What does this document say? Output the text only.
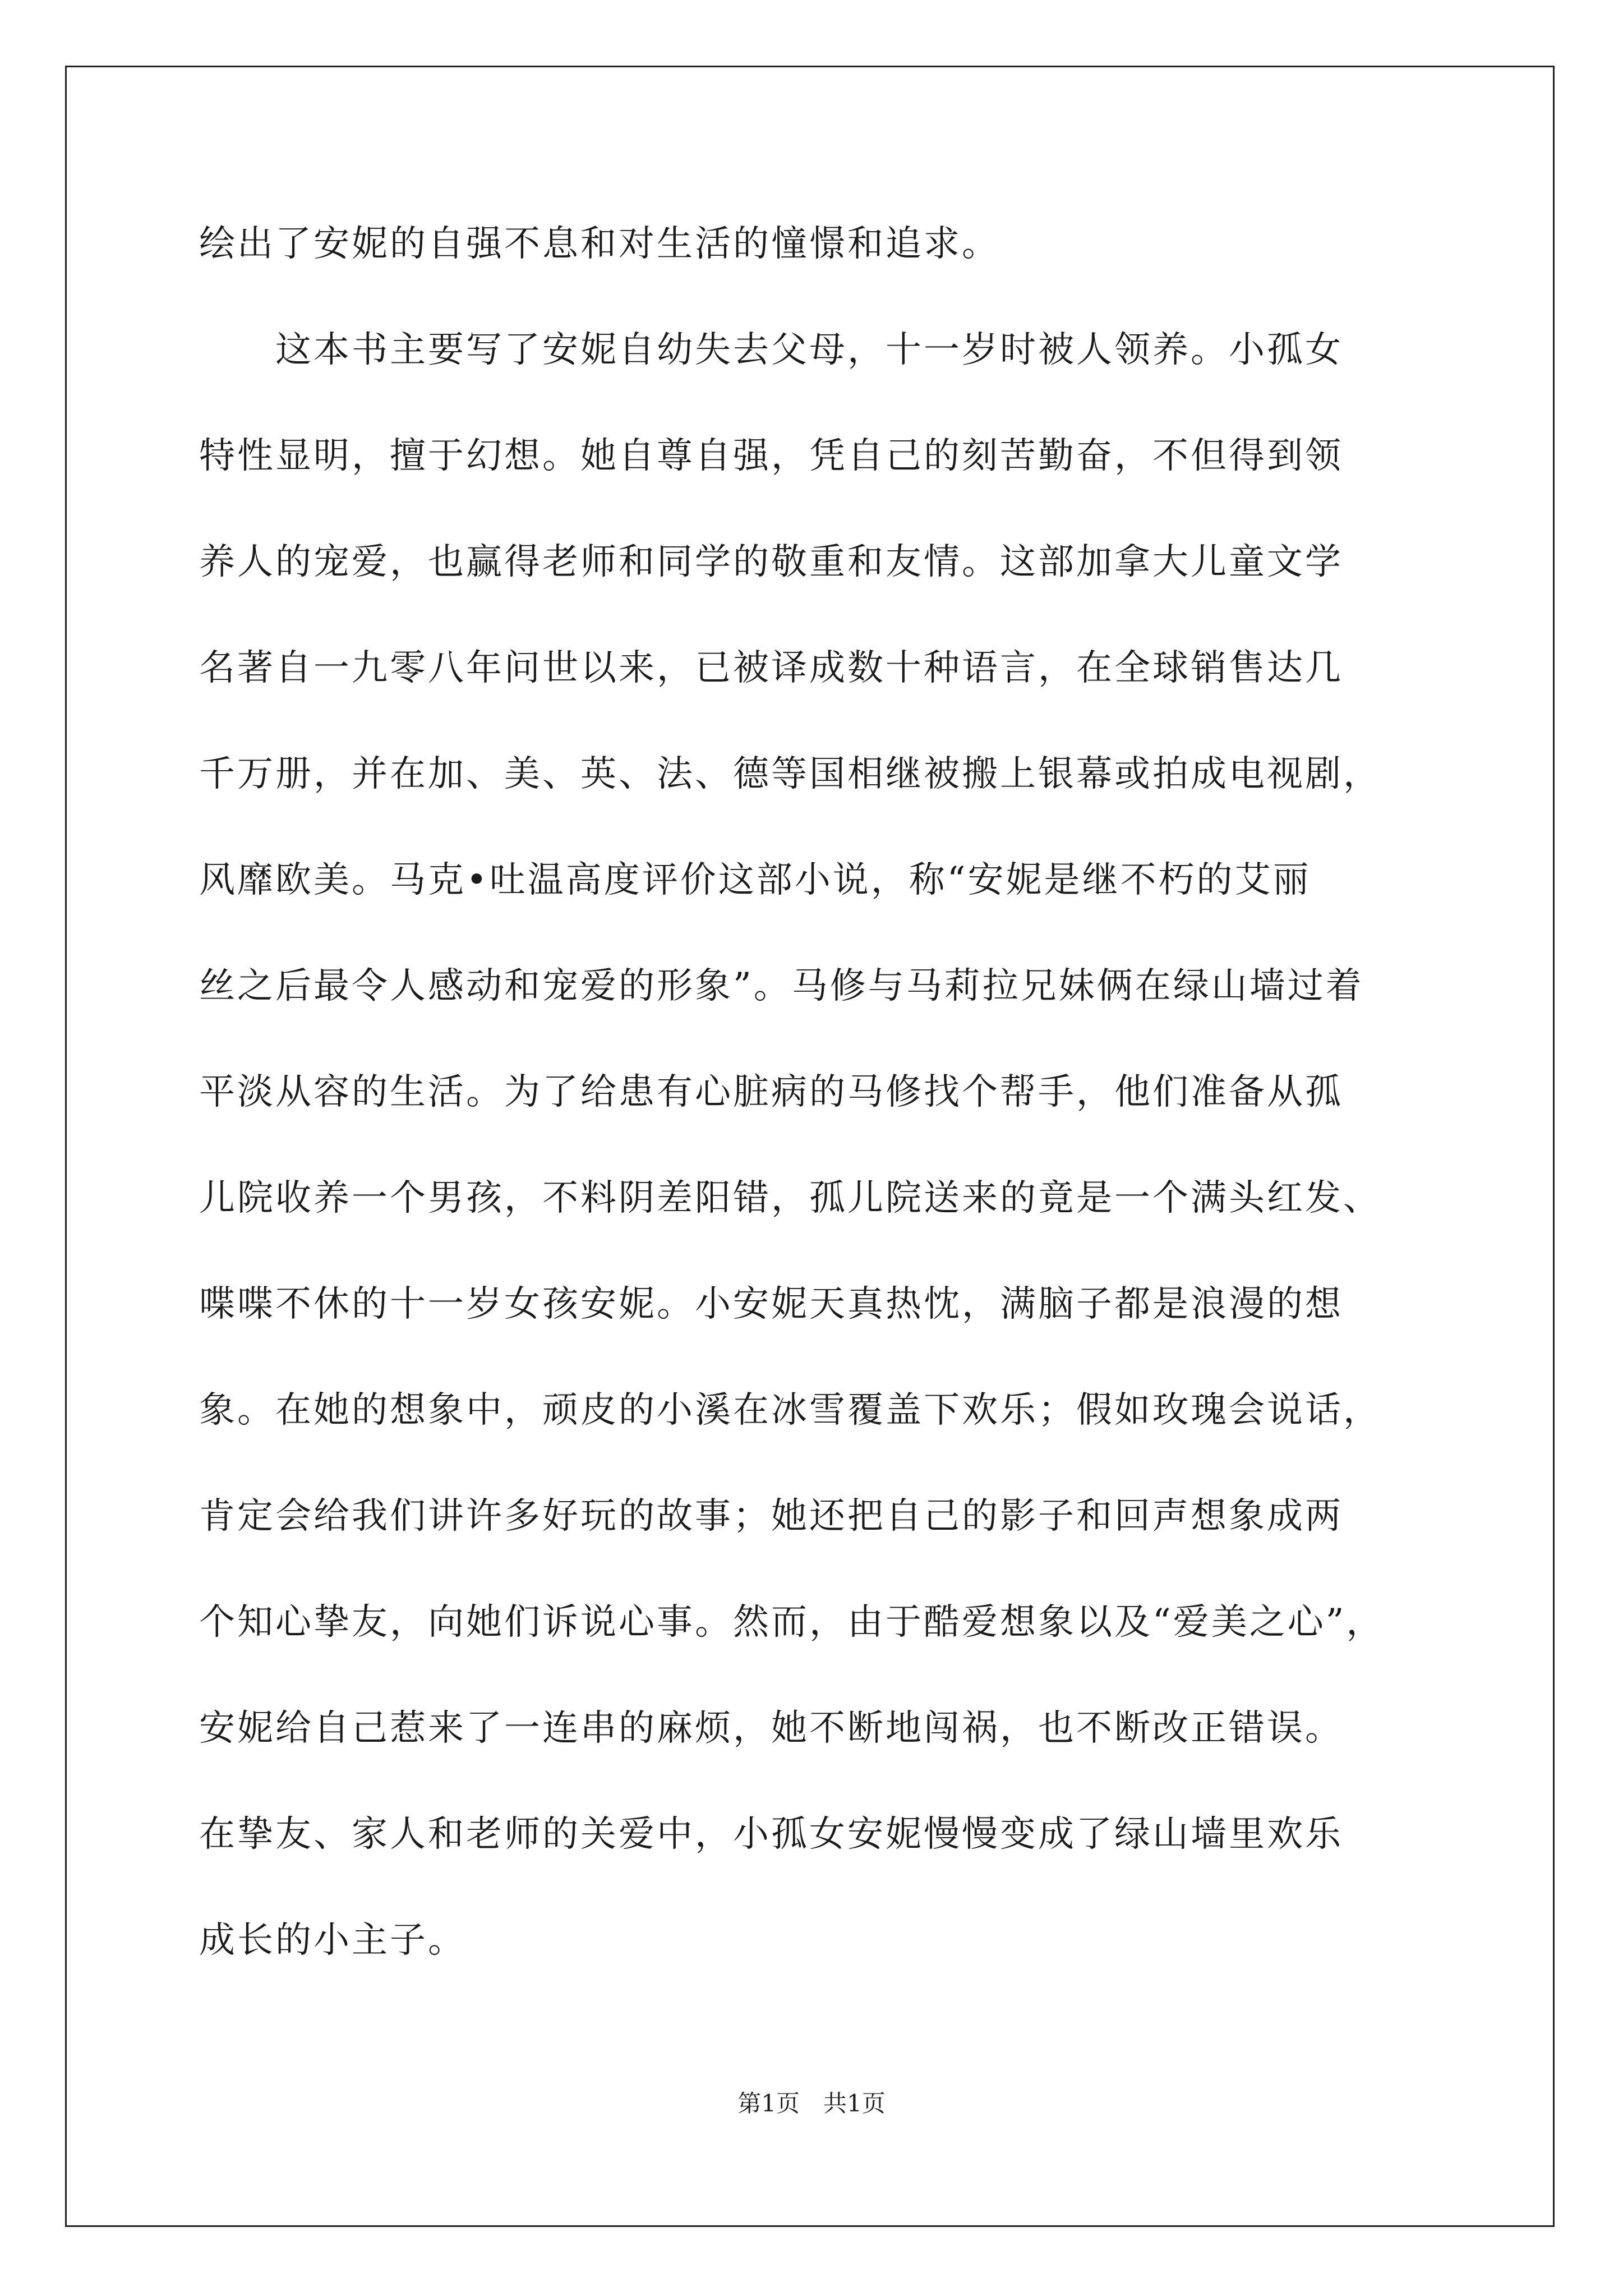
绘出了安妮的自强不息和对生活的憧憬和追求。

　　这本书主要写了安妮自幼失去父母，十一岁时被人领养。小孤女

特性显明，擅于幻想。她自尊自强，凭自己的刻苦勤奋，不但得到领

养人的宠爱，也赢得老师和同学的敬重和友情。这部加拿大儿童文学

名著自一九零八年问世以来，已被译成数十种语言，在全球销售达几

千万册，并在加、美、英、法、德等国相继被搬上银幕或拍成电视剧，

风靡欧美。马克•吐温高度评价这部小说，称“安妮是继不朽的艾丽

丝之后最令人感动和宠爱的形象”。马修与马莉拉兄妹俩在绿山墙过着

平淡从容的生活。为了给患有心脏病的马修找个帮手，他们准备从孤

儿院收养一个男孩，不料阴差阳错，孤儿院送来的竟是一个满头红发、

喋喋不休的十一岁女孩安妮。小安妮天真热忱，满脑子都是浪漫的想

象。在她的想象中，顽皮的小溪在冰雪覆盖下欢乐；假如玫瑰会说话，

肯定会给我们讲许多好玩的故事；她还把自己的影子和回声想象成两

个知心挚友，向她们诉说心事。然而，由于酷爱想象以及“爱美之心”，

安妮给自己惹来了一连串的麻烦，她不断地闯祸，也不断改正错误。

在挚友、家人和老师的关爱中，小孤女安妮慢慢变成了绿山墙里欢乐

成长的小主子。

第1页　共1页
